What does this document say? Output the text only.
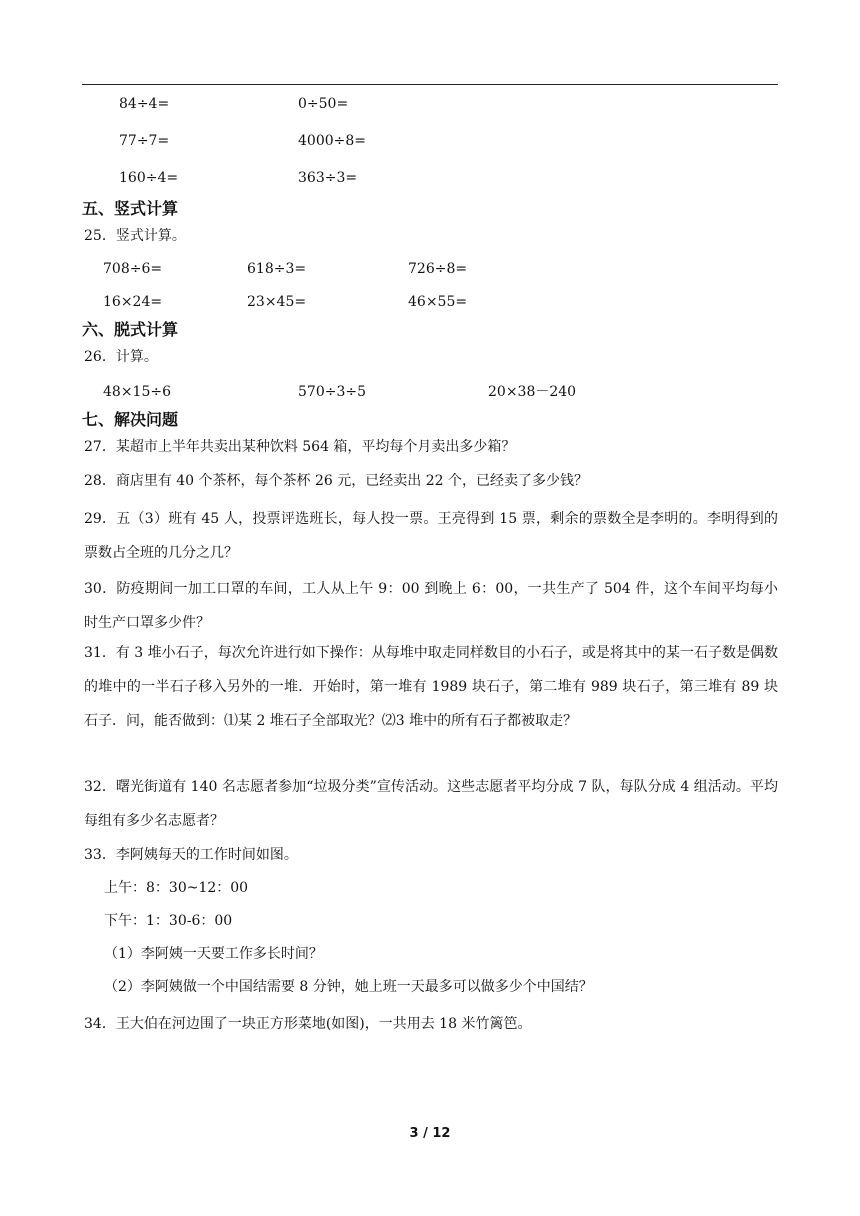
84÷4=	0÷50=
77÷7=	4000÷8=
160÷4=	363÷3=
五、竖式计算
25．竖式计算。
708÷6=	618÷3=	726÷8=
16×24=	23×45=	46×55=
六、脱式计算
26．计算。
48×15÷6	570÷3÷5	20×38－240
七、解决问题
27．某超市上半年共卖出某种饮料 564 箱，平均每个月卖出多少箱？
28．商店里有 40 个茶杯，每个茶杯 26 元，已经卖出 22 个，已经卖了多少钱？
29．五（3）班有 45 人，投票评选班长，每人投一票。王亮得到 15 票，剩余的票数全是李明的。李明得到的票数占全班的几分之几？
30．防疫期间一加工口罩的车间，工人从上午 9：00 到晚上 6：00，一共生产了 504 件，这个车间平均每小时生产口罩多少件？
31．有 3 堆小石子，每次允许进行如下操作：从每堆中取走同样数目的小石子，或是将其中的某一石子数是偶数的堆中的一半石子移入另外的一堆．开始时，第一堆有 1989 块石子，第二堆有 989 块石子，第三堆有 89 块石子．问，能否做到：⑴某 2 堆石子全部取光？⑵3 堆中的所有石子都被取走？
32．曙光街道有 140 名志愿者参加“垃圾分类”宣传活动。这些志愿者平均分成 7 队，每队分成 4 组活动。平均每组有多少名志愿者？
33．李阿姨每天的工作时间如图。
上午：8：30~12：00
下午：1：30-6：00
（1）李阿姨一天要工作多长时间？
（2）李阿姨做一个中国结需要 8 分钟，她上班一天最多可以做多少个中国结？
34．王大伯在河边围了一块正方形菜地(如图)，一共用去 18 米竹篱笆。
3 / 12
